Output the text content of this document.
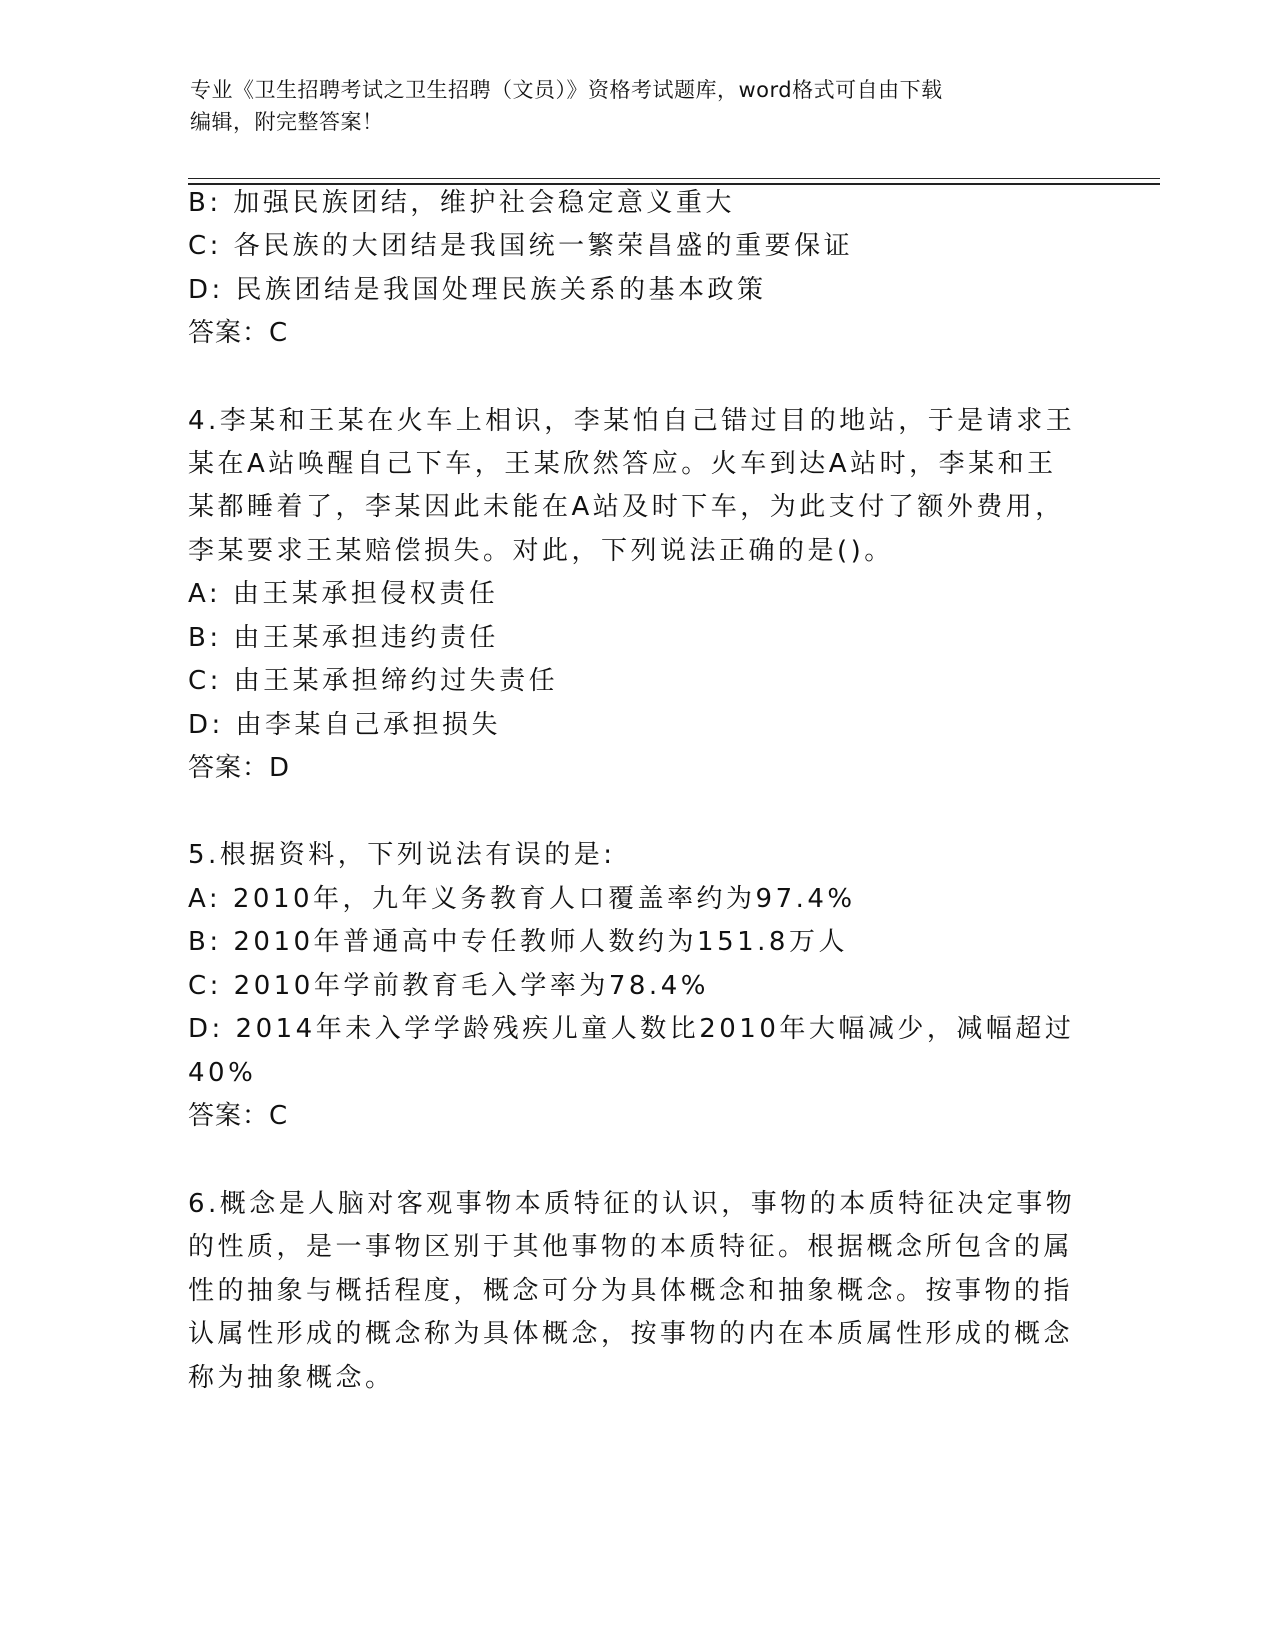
专业《卫生招聘考试之卫生招聘（文员）》资格考试题库，word格式可自由下载
编辑，附完整答案！
B: 加强民族团结，维护社会稳定意义重大
C: 各民族的大团结是我国统一繁荣昌盛的重要保证
D: 民族团结是我国处理民族关系的基本政策
答案：C
4.李某和王某在火车上相识，李某怕自己错过目的地站，于是请求王
某在A站唤醒自己下车，王某欣然答应。火车到达A站时，李某和王
某都睡着了，李某因此未能在A站及时下车，为此支付了额外费用，
李某要求王某赔偿损失。对此，下列说法正确的是()。
A: 由王某承担侵权责任
B: 由王某承担违约责任
C: 由王某承担缔约过失责任
D: 由李某自己承担损失
答案：D
5.根据资料，下列说法有误的是:
A: 2010年，九年义务教育人口覆盖率约为97.4%
B: 2010年普通高中专任教师人数约为151.8万人
C: 2010年学前教育毛入学率为78.4%
D: 2014年未入学学龄残疾儿童人数比2010年大幅减少，减幅超过
40%
答案：C
6.概念是人脑对客观事物本质特征的认识，事物的本质特征决定事物
的性质，是一事物区别于其他事物的本质特征。根据概念所包含的属
性的抽象与概括程度，概念可分为具体概念和抽象概念。按事物的指
认属性形成的概念称为具体概念，按事物的内在本质属性形成的概念
称为抽象概念。
